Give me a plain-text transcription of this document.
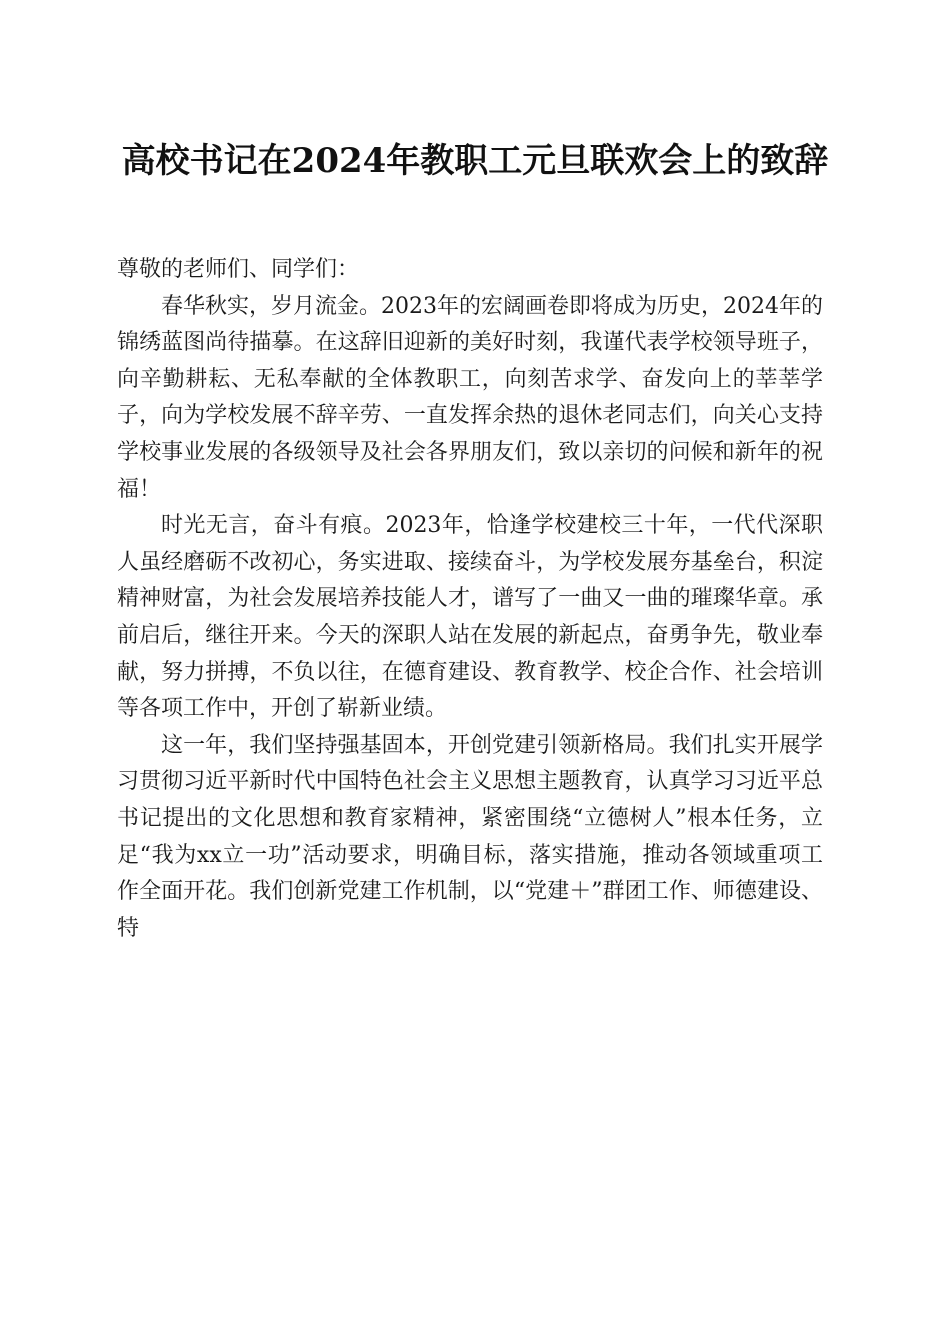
高校书记在2024年教职工元旦联欢会上的致辞

尊敬的老师们、同学们：

春华秋实，岁月流金。2023年的宏阔画卷即将成为历史，2024年的锦绣蓝图尚待描摹。在这辞旧迎新的美好时刻，我谨代表学校领导班子，向辛勤耕耘、无私奉献的全体教职工，向刻苦求学、奋发向上的莘莘学子，向为学校发展不辞辛劳、一直发挥余热的退休老同志们，向关心支持学校事业发展的各级领导及社会各界朋友们，致以亲切的问候和新年的祝福！

时光无言，奋斗有痕。2023年，恰逢学校建校三十年，一代代深职人虽经磨砺不改初心，务实进取、接续奋斗，为学校发展夯基垒台，积淀精神财富，为社会发展培养技能人才，谱写了一曲又一曲的璀璨华章。承前启后，继往开来。今天的深职人站在发展的新起点，奋勇争先，敬业奉献，努力拼搏，不负以往，在德育建设、教育教学、校企合作、社会培训等各项工作中，开创了崭新业绩。

这一年，我们坚持强基固本，开创党建引领新格局。我们扎实开展学习贯彻习近平新时代中国特色社会主义思想主题教育，认真学习习近平总书记提出的文化思想和教育家精神，紧密围绕“立德树人”根本任务，立足“我为xx立一功”活动要求，明确目标，落实措施，推动各领域重项工作全面开花。我们创新党建工作机制，以“党建＋”群团工作、师德建设、特
